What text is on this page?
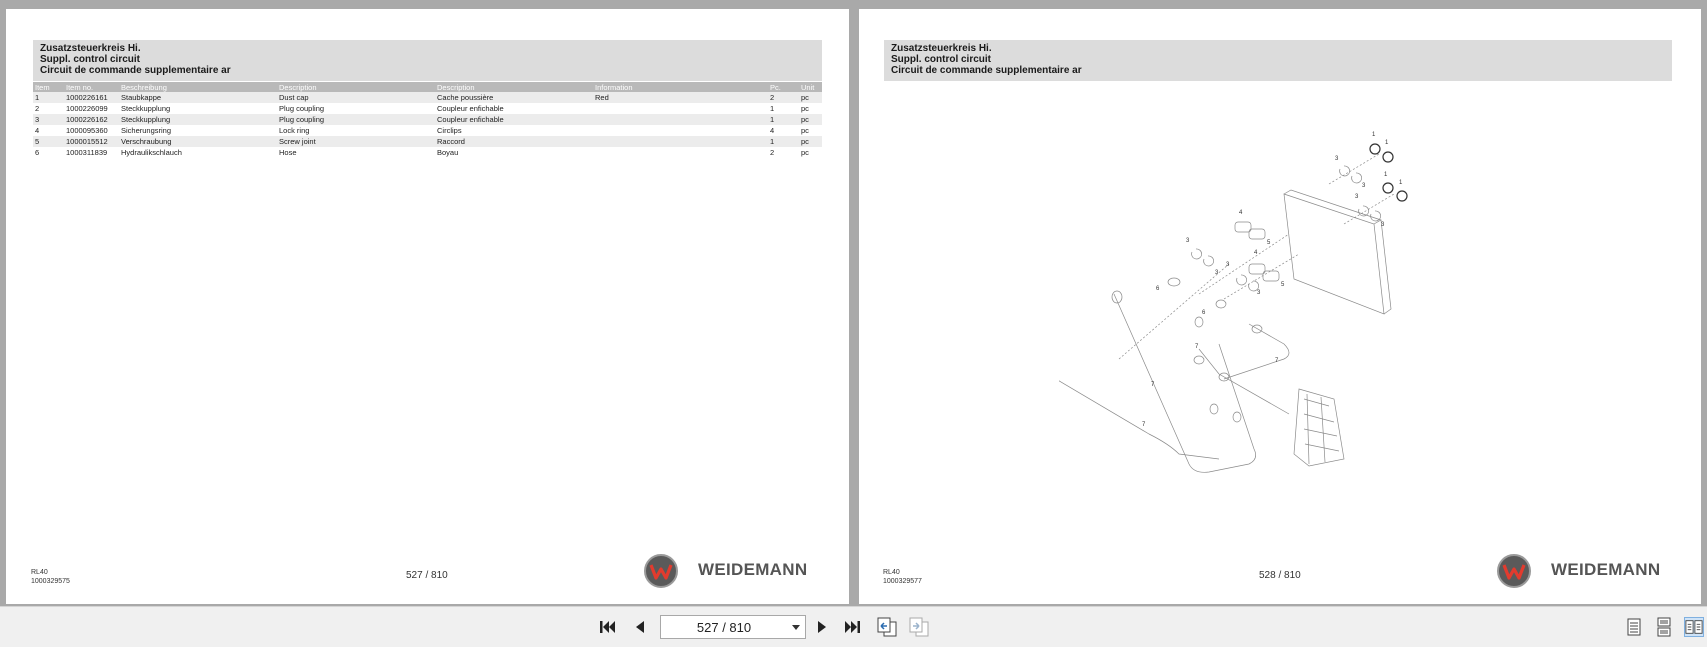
Zusatzsteuerkreis Hi.
Suppl. control circuit
Circuit de commande supplementaire ar
Item	Item no.	Beschreibung	Description	Description	Information	Pc.	Unit
1	1000226161	Staubkappe	Dust cap	Cache poussière	Red	2	pc
2	1000226099	Steckkupplung	Plug coupling	Coupleur enfichable		1	pc
3	1000226162	Steckkupplung	Plug coupling	Coupleur enfichable		1	pc
4	1000095360	Sicherungsring	Lock ring	Circlips		4	pc
5	1000015512	Verschraubung	Screw joint	Raccord		1	pc
6	1000311839	Hydraulikschlauch	Hose	Boyau		2	pc
RL40
1000329575
527 / 810	WEIDEMANN
Zusatzsteuerkreis Hi.
Suppl. control circuit
Circuit de commande supplementaire ar
1
1
1
1
3
3
3
3
3
3
3
3
4
4
5
5
6
6
7
7
7
7
RL40
1000329577
528 / 810	WEIDEMANN
527 / 810
